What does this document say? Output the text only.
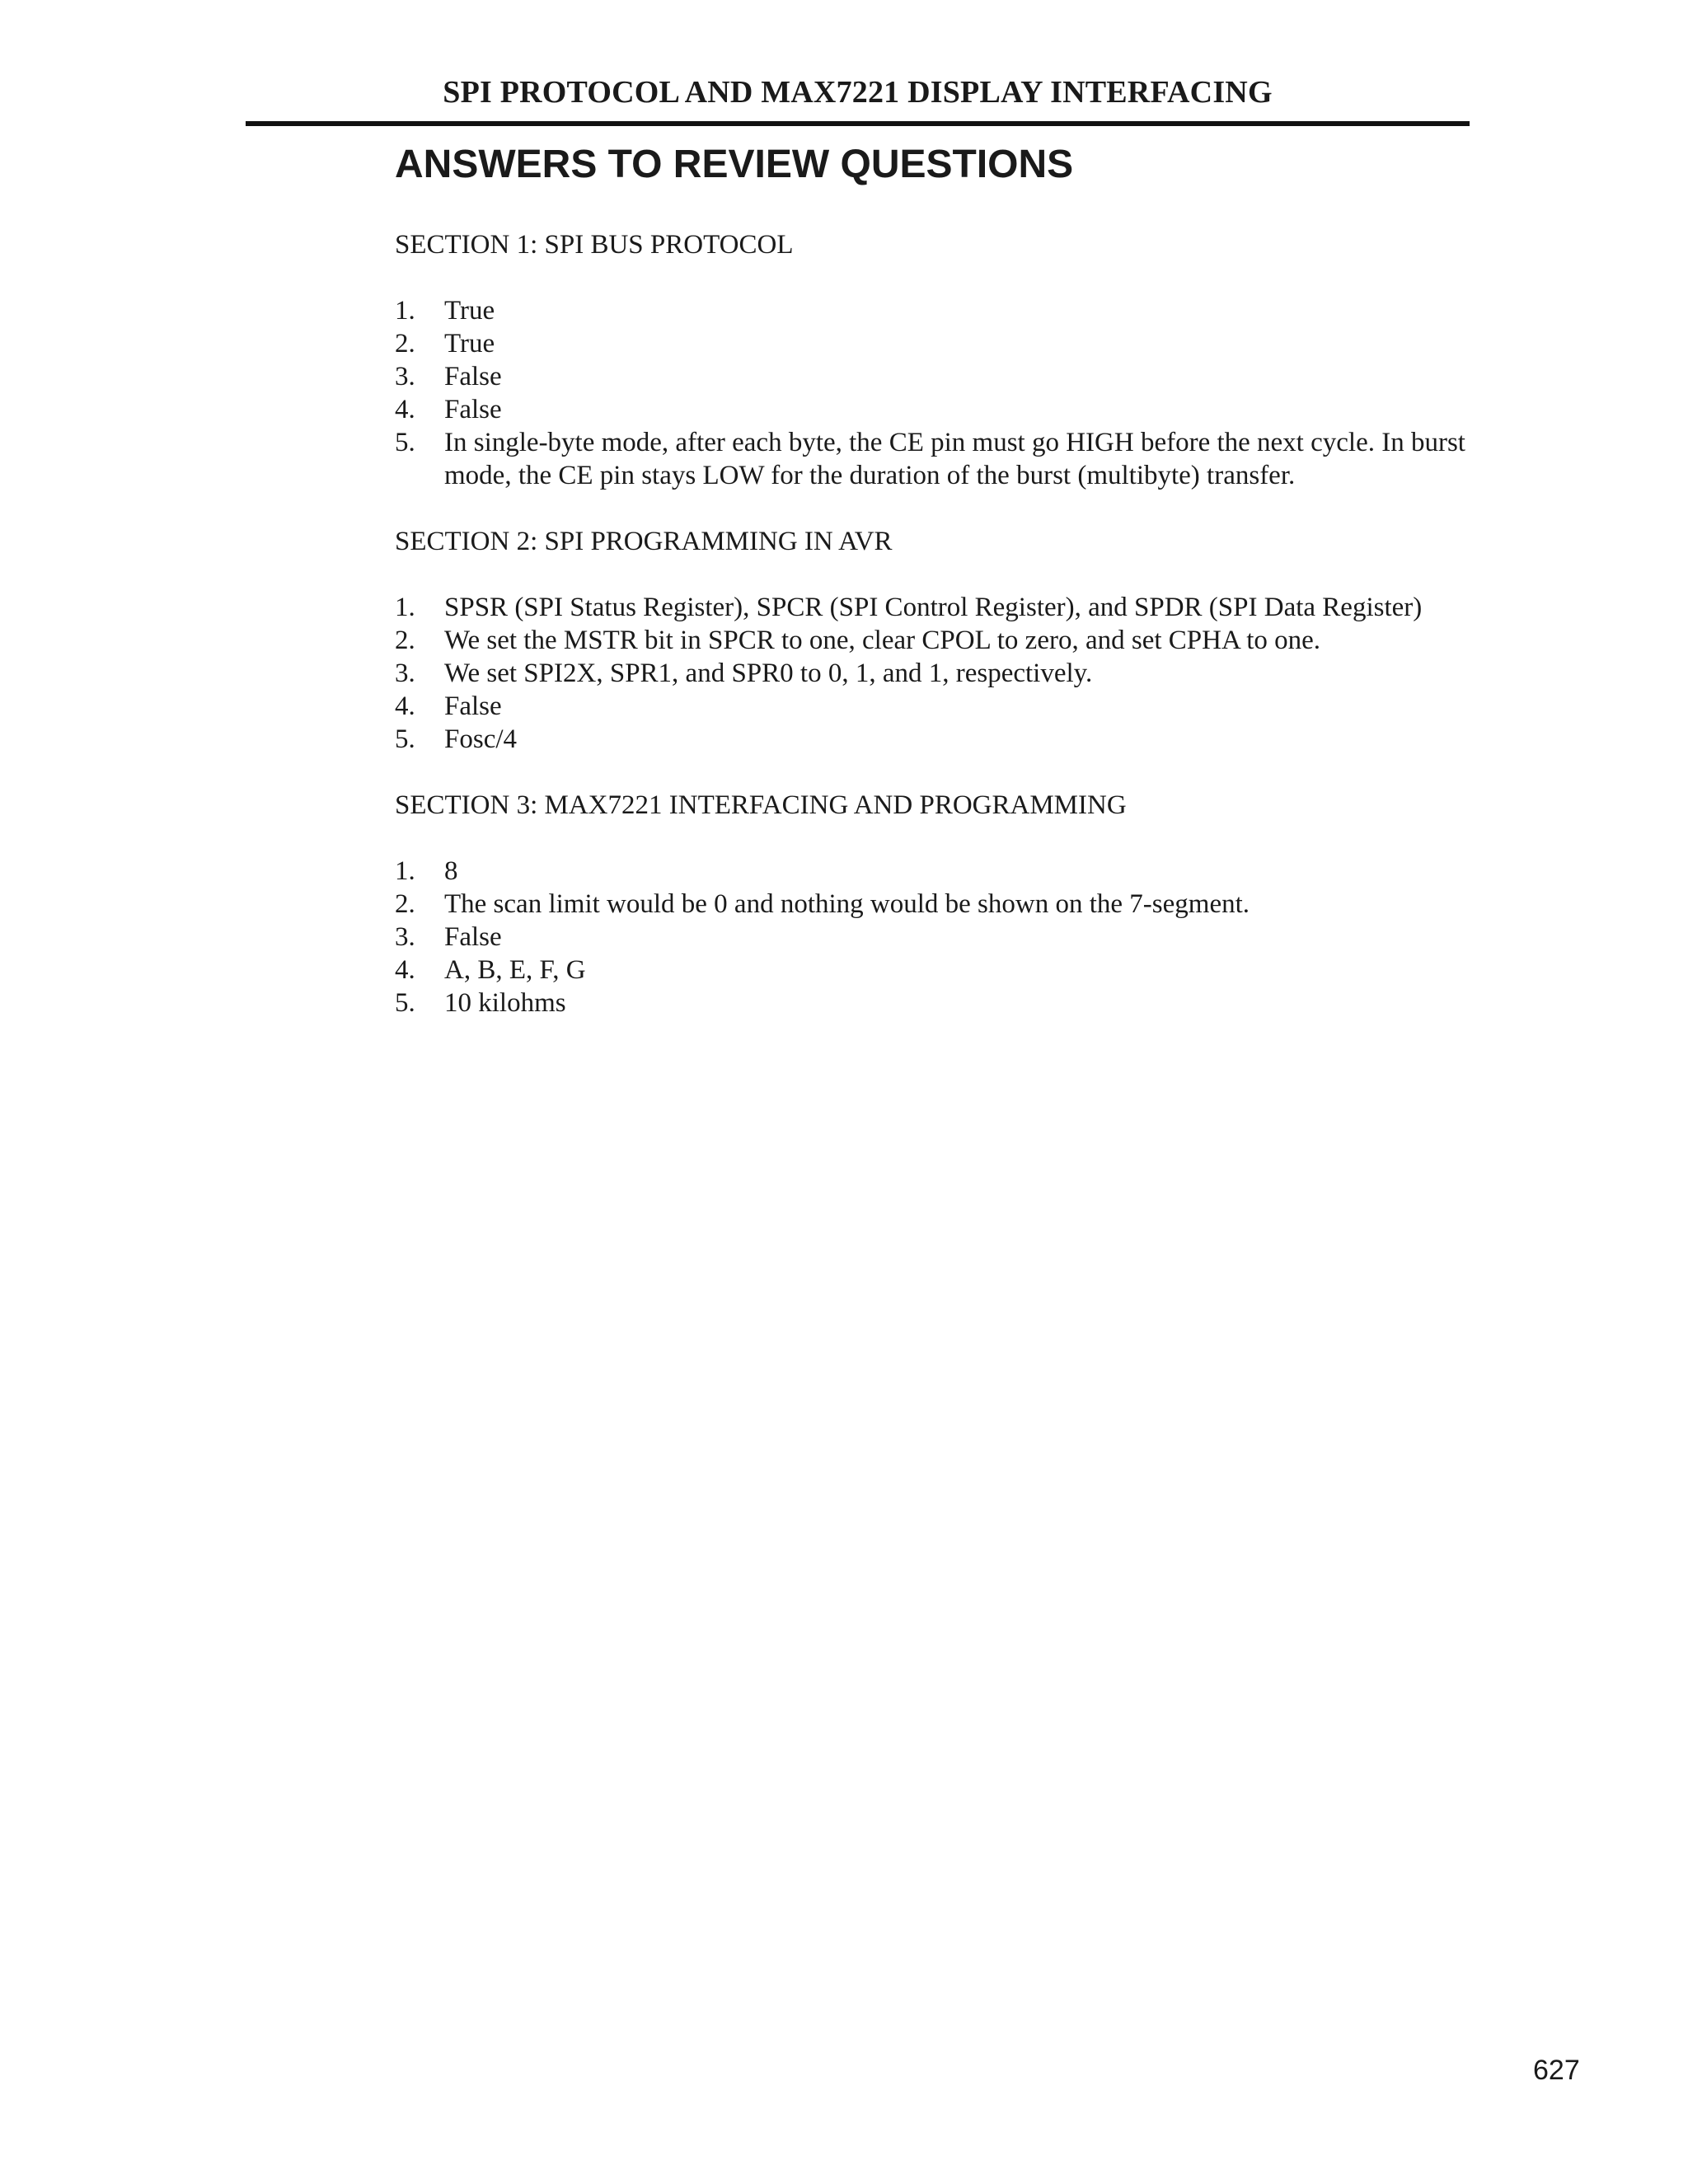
SPI PROTOCOL AND MAX7221 DISPLAY INTERFACING
ANSWERS TO REVIEW QUESTIONS
SECTION 1: SPI BUS PROTOCOL
1.	True
2.	True
3.	False
4.	False
5.	In single-byte mode, after each byte, the CE pin must go HIGH before the next cycle. In burst mode, the CE pin stays LOW for the duration of the burst (multibyte) transfer.
SECTION 2: SPI PROGRAMMING IN AVR
1.	SPSR (SPI Status Register), SPCR (SPI Control Register), and SPDR (SPI Data Register)
2.	We set the MSTR bit in SPCR to one, clear CPOL to zero, and set CPHA to one.
3.	We set SPI2X, SPR1, and SPR0 to 0, 1, and 1, respectively.
4.	False
5.	Fosc/4
SECTION 3: MAX7221 INTERFACING AND PROGRAMMING
1.	8
2.	The scan limit would be 0 and nothing would be shown on the 7-segment.
3.	False
4.	A, B, E, F, G
5.	10 kilohms

627
